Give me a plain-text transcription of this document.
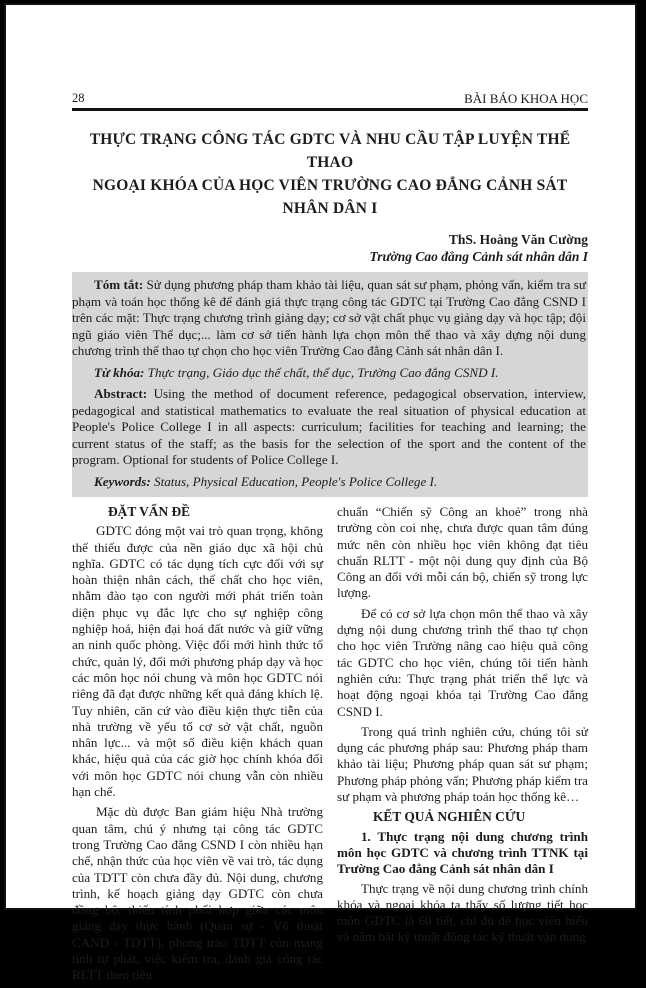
28	BÀI BÁO KHOA HỌC
THỰC TRẠNG CÔNG TÁC GDTC VÀ NHU CẦU TẬP LUYỆN THỂ THAO
NGOẠI KHÓA CỦA HỌC VIÊN TRƯỜNG CAO ĐẲNG CẢNH SÁT NHÂN DÂN I
ThS. Hoàng Văn Cường
Trường Cao đẳng Cảnh sát nhân dân I

Tóm tắt: Sử dụng phương pháp tham khảo tài liệu, quan sát sư phạm, phỏng vấn, kiểm tra sư phạm và toán học thống kê để đánh giá thực trạng công tác GDTC tại Trường Cao đẳng CSND I trên các mặt: Thực trạng chương trình giảng dạy; cơ sở vật chất phục vụ giảng dạy và học tập; đội ngũ giáo viên Thể dục;... làm cơ sở tiến hành lựa chọn môn thể thao và xây dựng nội dung chương trình thể thao tự chọn cho học viên Trường Cao đẳng Cảnh sát nhân dân I.

Từ khóa: Thực trạng, Giáo dục thể chất, thể dục, Trường Cao đẳng CSND I.

Abstract: Using the method of document reference, pedagogical observation, interview, pedagogical and statistical mathematics to evaluate the real situation of physical education at People's Police College I in all aspects: curriculum; facilities for teaching and learning; the current status of the staff; as the basis for the selection of the sport and the content of the program. Optional for students of Police College I.

Keywords: Status, Physical Education, People's Police College I.

ĐẶT VẤN ĐỀ

GDTC đóng một vai trò quan trọng, không thể thiếu được của nền giáo dục xã hội chủ nghĩa. GDTC có tác dụng tích cực đối với sự hoàn thiện nhân cách, thể chất cho học viên, nhằm đào tạo con người mới phát triển toàn diện phục vụ đắc lực cho sự nghiệp công nghiệp hoá, hiện đại hoá đất nước và giữ vững an ninh quốc phòng. Việc đổi mới hình thức tổ chức, quản lý, đổi mới phương pháp dạy và học các môn học nói chung và môn học GDTC nói riêng đã đạt được những kết quả đáng khích lệ. Tuy nhiên, căn cứ vào điều kiện thực tiễn của nhà trường về yếu tố cơ sở vật chất, nguồn nhân lực... và một số điều kiện khách quan khác, hiệu quả của các giờ học chính khóa đối với môn học GDTC nói chung vẫn còn nhiều hạn chế.

Mặc dù được Ban giám hiệu Nhà trường quan tâm, chú ý nhưng tại công tác GDTC trong Trường Cao đẳng CSND I còn nhiều hạn chế, nhận thức của học viên về vai trò, tác dụng của TDTT còn chưa đầy đủ. Nội dung, chương trình, kế hoạch giảng dạy GDTC còn chưa đồng bộ, thiếu tính phối hợp giữa các môn giảng dạy thực hành (Quân sự - Võ thuật CAND - TDTT), phong trào TDTT còn mang tính tự phát, việc kiểm tra, đánh giá công tác RLTT theo tiêu

chuẩn “Chiến sỹ Công an khoẻ” trong nhà trường còn coi nhẹ, chưa được quan tâm đúng mức nên còn nhiều học viên không đạt tiêu chuẩn RLTT - một nội dung quy định của Bộ Công an đối với mỗi cán bộ, chiến sỹ trong lực lượng.

Để có cơ sở lựa chọn môn thể thao và xây dựng nội dung chương trình thể thao tự chọn cho học viên Trường nâng cao hiệu quả công tác GDTC cho học viên, chúng tôi tiến hành nghiên cứu: Thực trạng phát triển thể lực và hoạt động ngoại khóa tại Trường Cao đẳng CSND I.

Trong quá trình nghiên cứu, chúng tôi sử dụng các phương pháp sau: Phương pháp tham khảo tài liệu; Phương pháp quan sát sư phạm; Phương pháp phỏng vấn; Phương pháp kiểm tra sư phạm và phương pháp toán học thống kê…

KẾT QUẢ NGHIÊN CỨU

1. Thực trạng nội dung chương trình môn học GDTC và chương trình TTNK tại Trường Cao đẳng Cảnh sát nhân dân I

Thực trạng về nội dung chương trình chính khóa và ngoại khóa ta thấy số lượng tiết học môn GDTC là 60 tiết, chỉ đủ để học viên hiểu và nắm bắt kỹ thuật động tác kỹ thuật vận dụng
